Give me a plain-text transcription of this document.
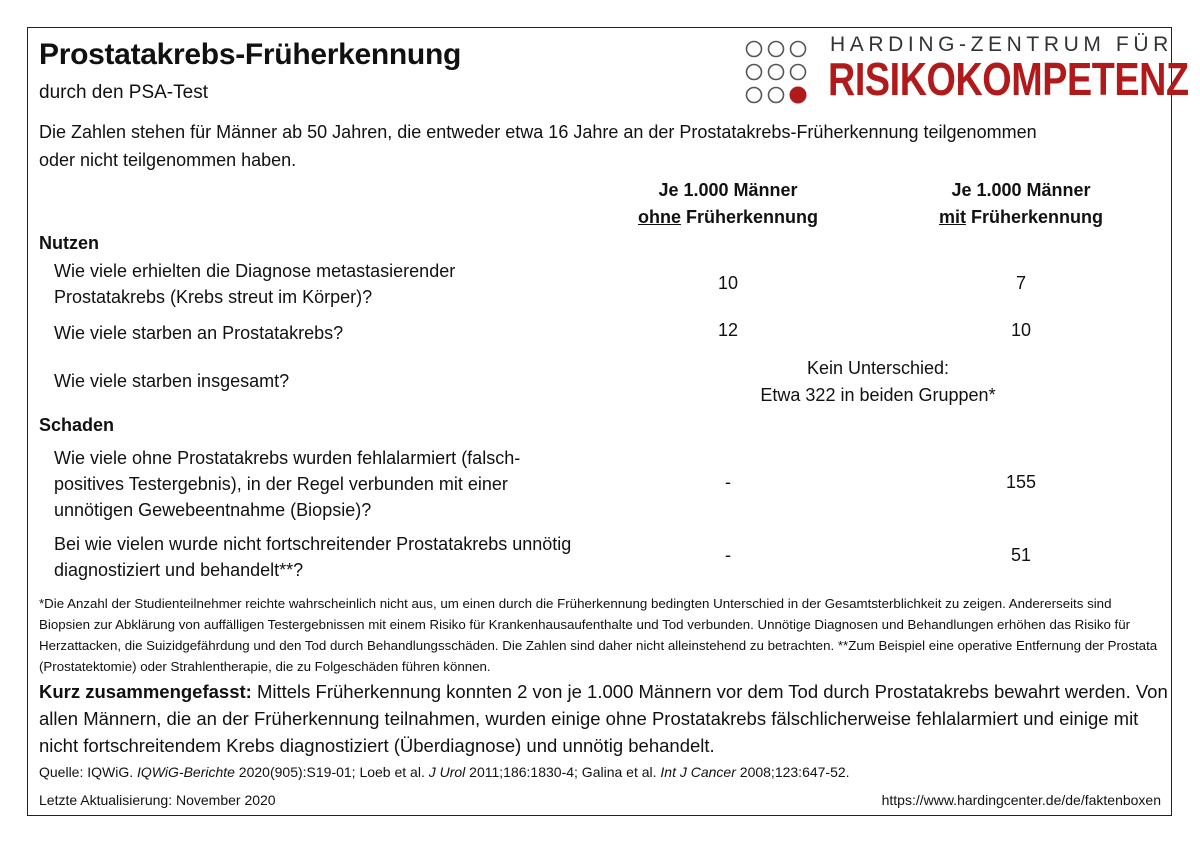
Prostatakrebs-Früherkennung
durch den PSA-Test
HARDING-ZENTRUM FÜR
RISIKOKOMPETENZ
Die Zahlen stehen für Männer ab 50 Jahren, die entweder etwa 16 Jahre an der Prostatakrebs-Früherkennung teilgenommen oder nicht teilgenommen haben.
Je 1.000 Männer
ohne Früherkennung
Je 1.000 Männer
mit Früherkennung
Nutzen
Wie viele erhielten die Diagnose metastasierender Prostatakrebs (Krebs streut im Körper)?
10	7
Wie viele starben an Prostatakrebs?	12	10
Wie viele starben insgesamt?
Kein Unterschied:
Etwa 322 in beiden Gruppen*
Schaden
Wie viele ohne Prostatakrebs wurden fehlalarmiert (falsch-positives Testergebnis), in der Regel verbunden mit einer unnötigen Gewebeentnahme (Biopsie)?
-	155
Bei wie vielen wurde nicht fortschreitender Prostatakrebs unnötig diagnostiziert und behandelt**?
-	51
*Die Anzahl der Studienteilnehmer reichte wahrscheinlich nicht aus, um einen durch die Früherkennung bedingten Unterschied in der Gesamtsterblichkeit zu zeigen. Andererseits sind Biopsien zur Abklärung von auffälligen Testergebnissen mit einem Risiko für Krankenhausaufenthalte und Tod verbunden. Unnötige Diagnosen und Behandlungen erhöhen das Risiko für Herzattacken, die Suizidgefährdung und den Tod durch Behandlungsschäden. Die Zahlen sind daher nicht alleinstehend zu betrachten. **Zum Beispiel eine operative Entfernung der Prostata (Prostatektomie) oder Strahlentherapie, die zu Folgeschäden führen können.
Kurz zusammengefasst: Mittels Früherkennung konnten 2 von je 1.000 Männern vor dem Tod durch Prostatakrebs bewahrt werden. Von allen Männern, die an der Früherkennung teilnahmen, wurden einige ohne Prostatakrebs fälschlicherweise fehlalarmiert und einige mit nicht fortschreitendem Krebs diagnostiziert (Überdiagnose) und unnötig behandelt.
Quelle: IQWiG. IQWiG-Berichte 2020(905):S19-01; Loeb et al. J Urol 2011;186:1830-4; Galina et al. Int J Cancer 2008;123:647-52.
Letzte Aktualisierung: November 2020	https://www.hardingcenter.de/de/faktenboxen
